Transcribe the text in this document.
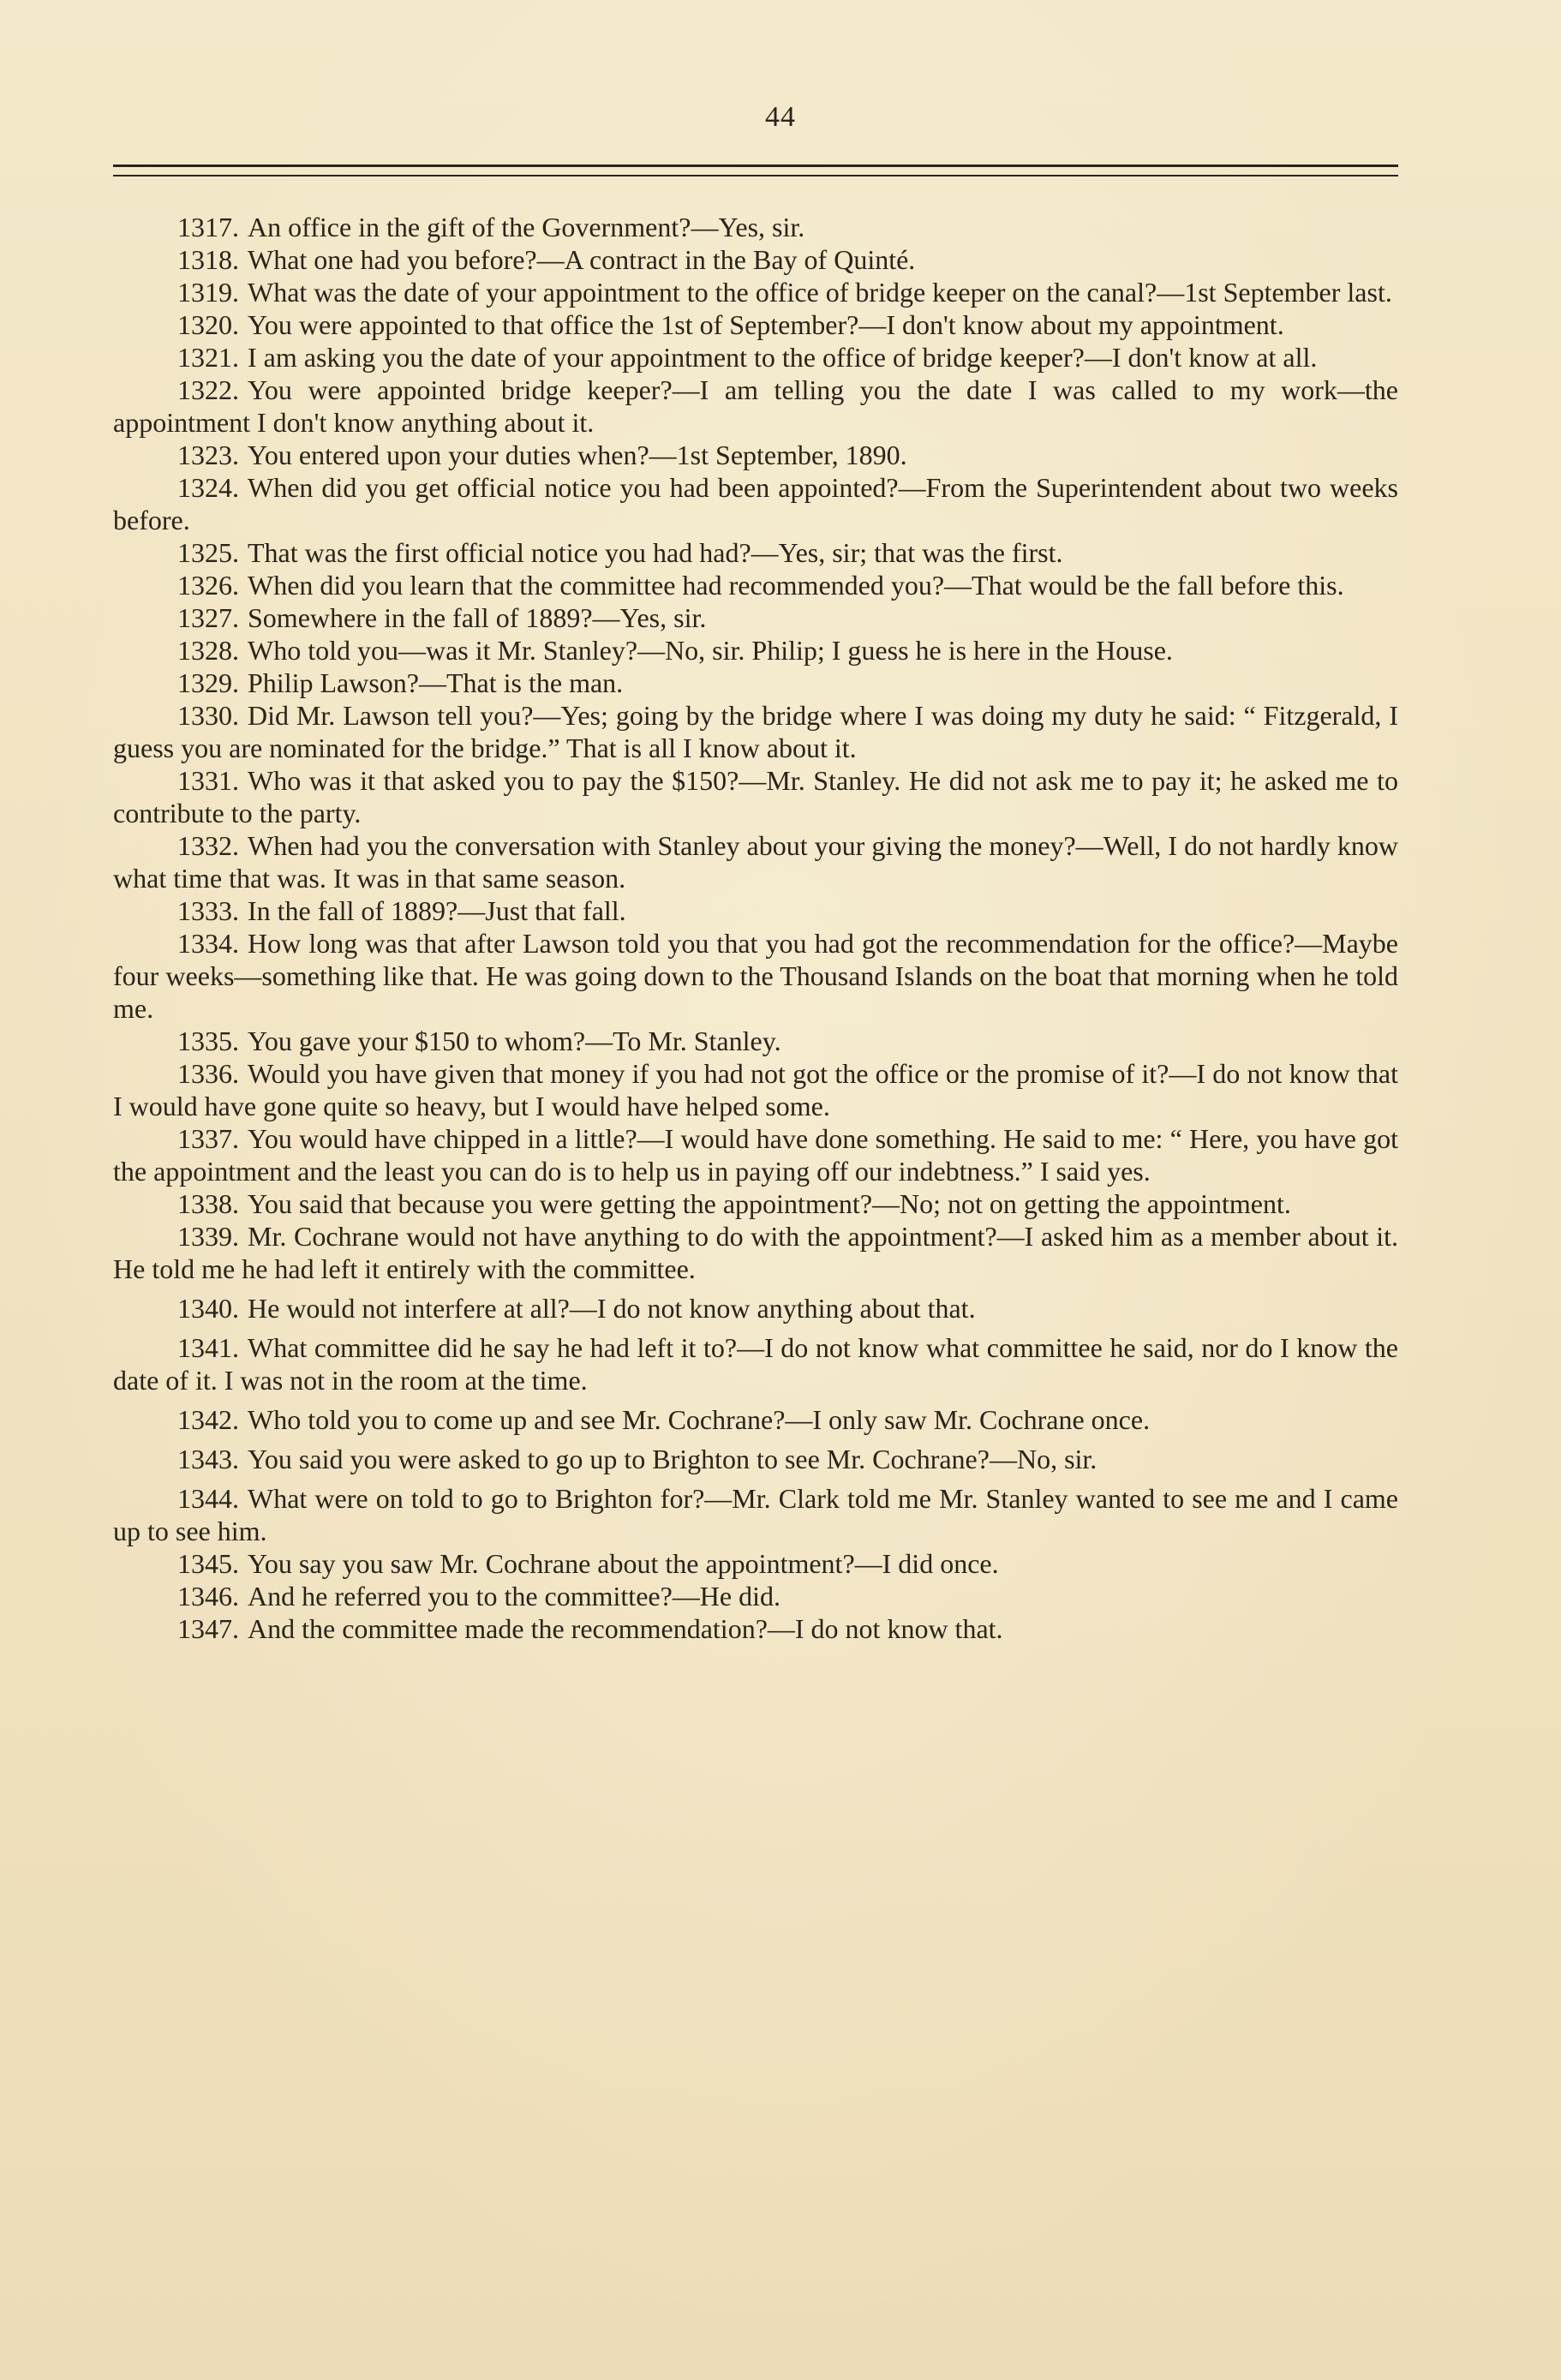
44

1317. An office in the gift of the Government?—Yes, sir.

1318. What one had you before?—A contract in the Bay of Quinté.

1319. What was the date of your appointment to the office of bridge keeper on the canal?—1st September last.

1320. You were appointed to that office the 1st of September?—I don't know about my appointment.

1321. I am asking you the date of your appointment to the office of bridge keeper?—I don't know at all.

1322. You were appointed bridge keeper?—I am telling you the date I was called to my work—the appointment I don't know anything about it.

1323. You entered upon your duties when?—1st September, 1890.

1324. When did you get official notice you had been appointed?—From the Superintendent about two weeks before.

1325. That was the first official notice you had had?—Yes, sir; that was the first.

1326. When did you learn that the committee had recommended you?—That would be the fall before this.

1327. Somewhere in the fall of 1889?—Yes, sir.

1328. Who told you—was it Mr. Stanley?—No, sir. Philip; I guess he is here in the House.

1329. Philip Lawson?—That is the man.

1330. Did Mr. Lawson tell you?—Yes; going by the bridge where I was doing my duty he said: “ Fitzgerald, I guess you are nominated for the bridge.” That is all I know about it.

1331. Who was it that asked you to pay the $150?—Mr. Stanley. He did not ask me to pay it; he asked me to contribute to the party.

1332. When had you the conversation with Stanley about your giving the money?—Well, I do not hardly know what time that was. It was in that same season.

1333. In the fall of 1889?—Just that fall.

1334. How long was that after Lawson told you that you had got the recommendation for the office?—Maybe four weeks—something like that. He was going down to the Thousand Islands on the boat that morning when he told me.

1335. You gave your $150 to whom?—To Mr. Stanley.

1336. Would you have given that money if you had not got the office or the promise of it?—I do not know that I would have gone quite so heavy, but I would have helped some.

1337. You would have chipped in a little?—I would have done something. He said to me: “ Here, you have got the appointment and the least you can do is to help us in paying off our indebtness.” I said yes.

1338. You said that because you were getting the appointment?—No; not on getting the appointment.

1339. Mr. Cochrane would not have anything to do with the appointment?—I asked him as a member about it. He told me he had left it entirely with the committee.

1340. He would not interfere at all?—I do not know anything about that.

1341. What committee did he say he had left it to?—I do not know what committee he said, nor do I know the date of it. I was not in the room at the time.

1342. Who told you to come up and see Mr. Cochrane?—I only saw Mr. Cochrane once.

1343. You said you were asked to go up to Brighton to see Mr. Cochrane?—No, sir.

1344. What were on told to go to Brighton for?—Mr. Clark told me Mr. Stanley wanted to see me and I came up to see him.

1345. You say you saw Mr. Cochrane about the appointment?—I did once.

1346. And he referred you to the committee?—He did.

1347. And the committee made the recommendation?—I do not know that.
